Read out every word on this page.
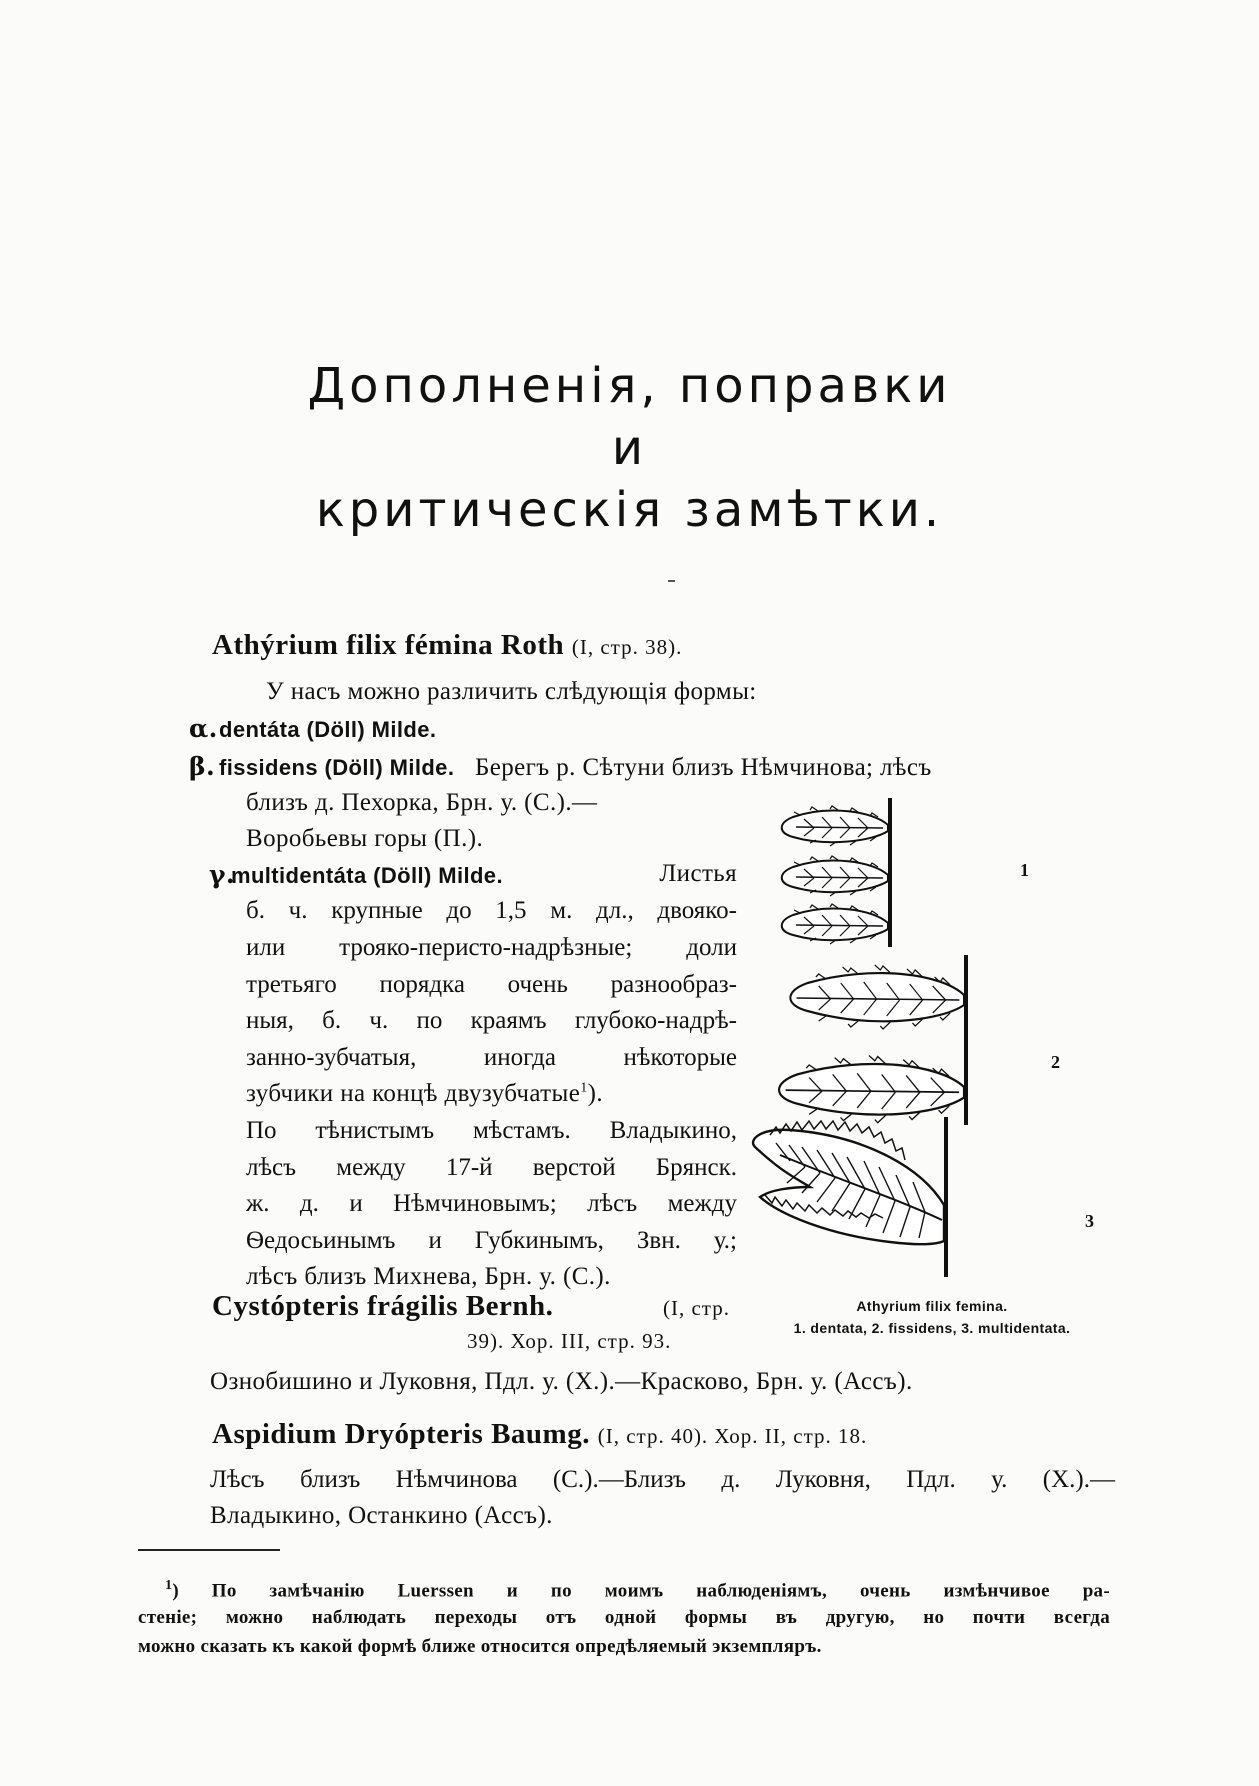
Дополненія, поправки
и
критическія замѣтки.
Athýrium filix fémina Roth (I, стр. 38).
У насъ можно различить слѣдующія формы:
α.dentáta (Döll) Milde.
β. fissidens (Döll) Milde. Берегъ р. Сѣтуни близъ Нѣмчинова; лѣсъ
близъ д. Пехорка, Брн. у. (С.).—
Воробьевы горы (П.).
γ.multidentáta (Döll) Milde.	Листья
б. ч. крупные до 1,5 м. дл., двояко-
или трояко-перисто-надрѣзные; доли
третьяго порядка очень разнообраз-
ныя, б. ч. по краямъ глубоко-надрѣ-
занно-зубчатыя, иногда нѣкоторые
зубчики на концѣ двузубчатые$^1$).
По тѣнистымъ мѣстамъ. Владыкино,
лѣсъ между 17-й верстой Брянск.
ж. д. и Нѣмчиновымъ; лѣсъ между
Ѳедосьинымъ и Губкинымъ, Звн. у.;
лѣсъ близъ Михнева, Брн. у. (С.).
1
2
3
Athyrium filix femina.
1. dentata, 2. fissidens, 3. multidentata.
Cystópteris frágilis Bernh.	(I, стр.
39). Хор. III, стр. 93.
Ознобишино и Луковня, Пдл. у. (Х.).—Красково, Брн. у. (Ассъ).
Aspidium Dryópteris Baumg. (I, стр. 40). Хор. II, стр. 18.
Лѣсъ близъ Нѣмчинова (С.).—Близъ д. Луковня, Пдл. у. (Х.).—
Владыкино, Останкино (Ассъ).
$^1$) По замѣчанію Luerssen и по моимъ наблюденіямъ, очень измѣнчивое ра-
стеніе; можно наблюдать переходы отъ одной формы въ другую, но почти всегда
можно сказать къ какой формѣ ближе относится опредѣляемый экземпляръ.
